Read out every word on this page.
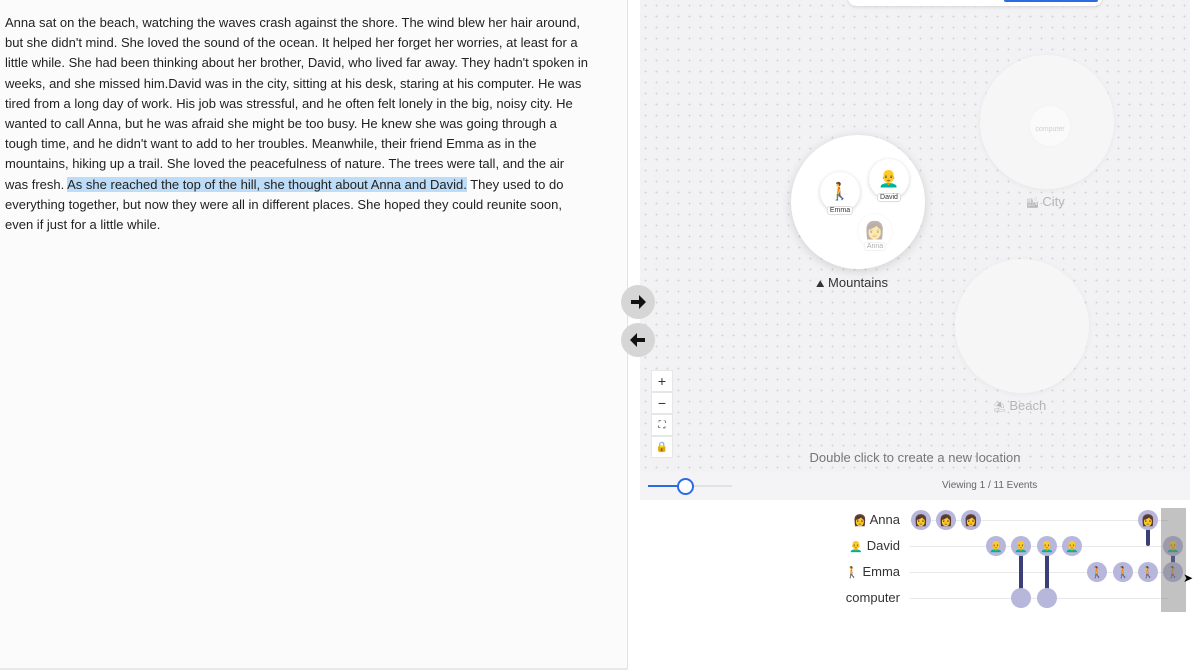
Anna sat on the beach, watching the waves crash against the shore. The wind blew her hair around, but she didn't mind. She loved the sound of the ocean. It helped her forget her worries, at least for a little while. She had been thinking about her brother, David, who lived far away. They hadn't spoken in weeks, and she missed him.David was in the city, sitting at his desk, staring at his computer. He was tired from a long day of work. His job was stressful, and he often felt lonely in the big, noisy city. He wanted to call Anna, but he was afraid she might be too busy. He knew she was going through a tough time, and he didn't want to add to her troubles. Meanwhile, their friend Emma as in the mountains, hiking up a trail. She loved the peacefulness of nature. The trees were tall, and the air was fresh. As she reached the top of the hill, she thought about Anna and David. They used to do everything together, but now they were all in different places. She hoped they could reunite soon, even if just for a little while.

🚶
Emma
👨‍🦲
David
👩
Anna
⛰ Mountains
computer
🏙 City
⛱ Beach
+
−
⛶
🔒
Double click to create a new location
Viewing 1 / 11 Events
👩 Anna
👨‍🦲 David
🚶 Emma
computer
👩 👩 👩	👩
👨‍🦲 👨‍🦲 👨‍🦲 👨‍🦲	👨‍🦲
🚶 🚶 🚶 🚶 ➤
